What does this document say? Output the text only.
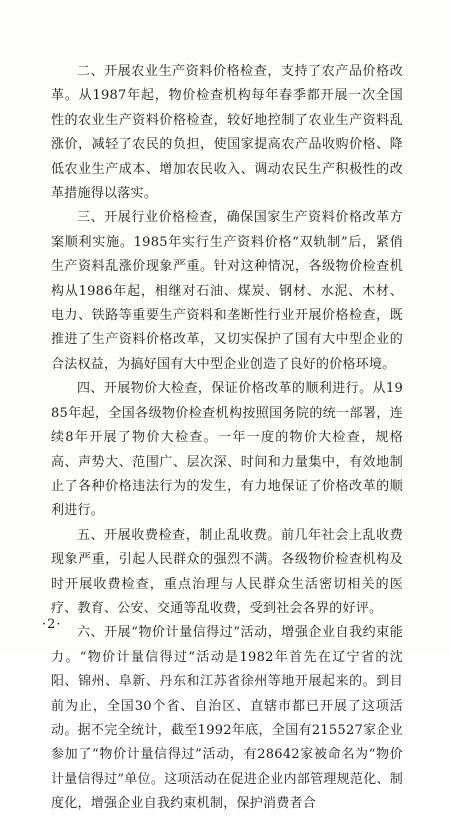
二、开展农业生产资料价格检查，支持了农产品价格改革。从1987年起，物价检查机构每年春季都开展一次全国性的农业生产资料价格检查，较好地控制了农业生产资料乱涨价，减轻了农民的负担，使国家提高农产品收购价格、降低农业生产成本、增加农民收入、调动农民生产积极性的改革措施得以落实。

三、开展行业价格检查，确保国家生产资料价格改革方案顺利实施。1985年实行生产资料价格“双轨制”后，紧俏生产资料乱涨价现象严重。针对这种情况，各级物价检查机构从1986年起，相继对石油、煤炭、钢材、水泥、木材、电力、铁路等重要生产资料和垄断性行业开展价格检查，既推进了生产资料价格改革，又切实保护了国有大中型企业的合法权益，为搞好国有大中型企业创造了良好的价格环境。

四、开展物价大检查，保证价格改革的顺利进行。从1985年起，全国各级物价检查机构按照国务院的统一部署，连续8年开展了物价大检查。一年一度的物价大检查，规格高、声势大、范围广、层次深、时间和力量集中，有效地制止了各种价格违法行为的发生，有力地保证了价格改革的顺利进行。

五、开展收费检查，制止乱收费。前几年社会上乱收费现象严重，引起人民群众的强烈不满。各级物价检查机构及时开展收费检查，重点治理与人民群众生活密切相关的医疗、教育、公安、交通等乱收费，受到社会各界的好评。

六、开展“物价计量信得过”活动，增强企业自我约束能力。“物价计量信得过”活动是1982年首先在辽宁省的沈阳、锦州、阜新、丹东和江苏省徐州等地开展起来的。到目前为止，全国30个省、自治区、直辖市都已开展了这项活动。据不完全统计，截至1992年底，全国有215527家企业参加了“物价计量信得过”活动，有28642家被命名为“物价计量信得过”单位。这项活动在促进企业内部管理规范化、制度化，增强企业自我约束机制，保护消费者合

·2·
